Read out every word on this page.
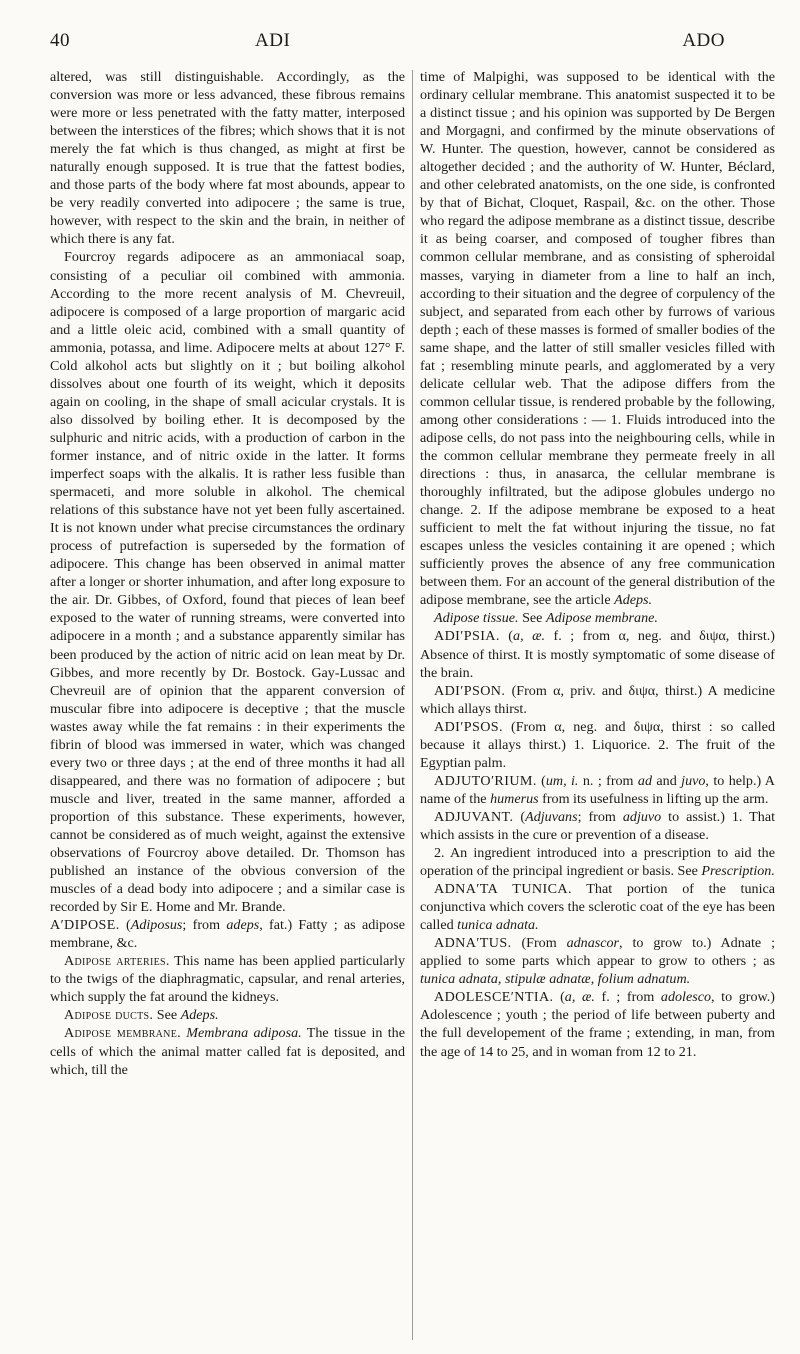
40	ADI	ADO

altered, was still distinguishable. Accordingly, as the conversion was more or less advanced, these fibrous remains were more or less penetrated with the fatty matter, interposed between the interstices of the fibres; which shows that it is not merely the fat which is thus changed, as might at first be naturally enough supposed. It is true that the fattest bodies, and those parts of the body where fat most abounds, appear to be very readily converted into adipocere ; the same is true, however, with respect to the skin and the brain, in neither of which there is any fat.

Fourcroy regards adipocere as an ammoniacal soap, consisting of a peculiar oil combined with ammonia. According to the more recent analysis of M. Chevreuil, adipocere is composed of a large proportion of margaric acid and a little oleic acid, combined with a small quantity of ammonia, potassa, and lime. Adipocere melts at about 127° F. Cold alkohol acts but slightly on it ; but boiling alkohol dissolves about one fourth of its weight, which it deposits again on cooling, in the shape of small acicular crystals. It is also dissolved by boiling ether. It is decomposed by the sulphuric and nitric acids, with a production of carbon in the former instance, and of nitric oxide in the latter. It forms imperfect soaps with the alkalis. It is rather less fusible than spermaceti, and more soluble in alkohol. The chemical relations of this substance have not yet been fully ascertained. It is not known under what precise circumstances the ordinary process of putrefaction is superseded by the formation of adipocere. This change has been observed in animal matter after a longer or shorter inhumation, and after long exposure to the air. Dr. Gibbes, of Oxford, found that pieces of lean beef exposed to the water of running streams, were converted into adipocere in a month ; and a substance apparently similar has been produced by the action of nitric acid on lean meat by Dr. Gibbes, and more recently by Dr. Bostock. Gay-Lussac and Chevreuil are of opinion that the apparent conversion of muscular fibre into adipocere is deceptive ; that the muscle wastes away while the fat remains : in their experiments the fibrin of blood was immersed in water, which was changed every two or three days ; at the end of three months it had all disappeared, and there was no formation of adipocere ; but muscle and liver, treated in the same manner, afforded a proportion of this substance. These experiments, however, cannot be considered as of much weight, against the extensive observations of Fourcroy above detailed. Dr. Thomson has published an instance of the obvious conversion of the muscles of a dead body into adipocere ; and a similar case is recorded by Sir E. Home and Mr. Brande.

A′DIPOSE. (Adiposus; from adeps, fat.) Fatty ; as adipose membrane, &c.

Adipose arteries. This name has been applied particularly to the twigs of the diaphragmatic, capsular, and renal arteries, which supply the fat around the kidneys.

Adipose ducts. See Adeps.

Adipose membrane. Membrana adiposa. The tissue in the cells of which the animal matter called fat is deposited, and which, till the

time of Malpighi, was supposed to be identical with the ordinary cellular membrane. This anatomist suspected it to be a distinct tissue ; and his opinion was supported by De Bergen and Morgagni, and confirmed by the minute observations of W. Hunter. The question, however, cannot be considered as altogether decided ; and the authority of W. Hunter, Béclard, and other celebrated anatomists, on the one side, is confronted by that of Bichat, Cloquet, Raspail, &c. on the other. Those who regard the adipose membrane as a distinct tissue, describe it as being coarser, and composed of tougher fibres than common cellular membrane, and as consisting of spheroidal masses, varying in diameter from a line to half an inch, according to their situation and the degree of corpulency of the subject, and separated from each other by furrows of various depth ; each of these masses is formed of smaller bodies of the same shape, and the latter of still smaller vesicles filled with fat ; resembling minute pearls, and agglomerated by a very delicate cellular web. That the adipose differs from the common cellular tissue, is rendered probable by the following, among other considerations : — 1. Fluids introduced into the adipose cells, do not pass into the neighbouring cells, while in the common cellular membrane they permeate freely in all directions : thus, in anasarca, the cellular membrane is thoroughly infiltrated, but the adipose globules undergo no change. 2. If the adipose membrane be exposed to a heat sufficient to melt the fat without injuring the tissue, no fat escapes unless the vesicles containing it are opened ; which sufficiently proves the absence of any free communication between them. For an account of the general distribution of the adipose membrane, see the article Adeps.

Adipose tissue. See Adipose membrane.

ADI′PSIA. (a, æ. f. ; from α, neg. and διψα, thirst.) Absence of thirst. It is mostly symptomatic of some disease of the brain.

ADI′PSON. (From α, priv. and διψα, thirst.) A medicine which allays thirst.

ADI′PSOS. (From α, neg. and διψα, thirst : so called because it allays thirst.) 1. Liquorice. 2. The fruit of the Egyptian palm.

ADJUTO′RIUM. (um, i. n. ; from ad and juvo, to help.) A name of the humerus from its usefulness in lifting up the arm.

ADJUVANT. (Adjuvans; from adjuvo to assist.) 1. That which assists in the cure or prevention of a disease.

2. An ingredient introduced into a prescription to aid the operation of the principal ingredient or basis. See Prescription.

ADNA′TA TUNICA. That portion of the tunica conjunctiva which covers the sclerotic coat of the eye has been called tunica adnata.

ADNA′TUS. (From adnascor, to grow to.) Adnate ; applied to some parts which appear to grow to others ; as tunica adnata, stipulæ adnatæ, folium adnatum.

ADOLESCE′NTIA. (a, æ. f. ; from adolesco, to grow.) Adolescence ; youth ; the period of life between puberty and the full developement of the frame ; extending, in man, from the age of 14 to 25, and in woman from 12 to 21.
